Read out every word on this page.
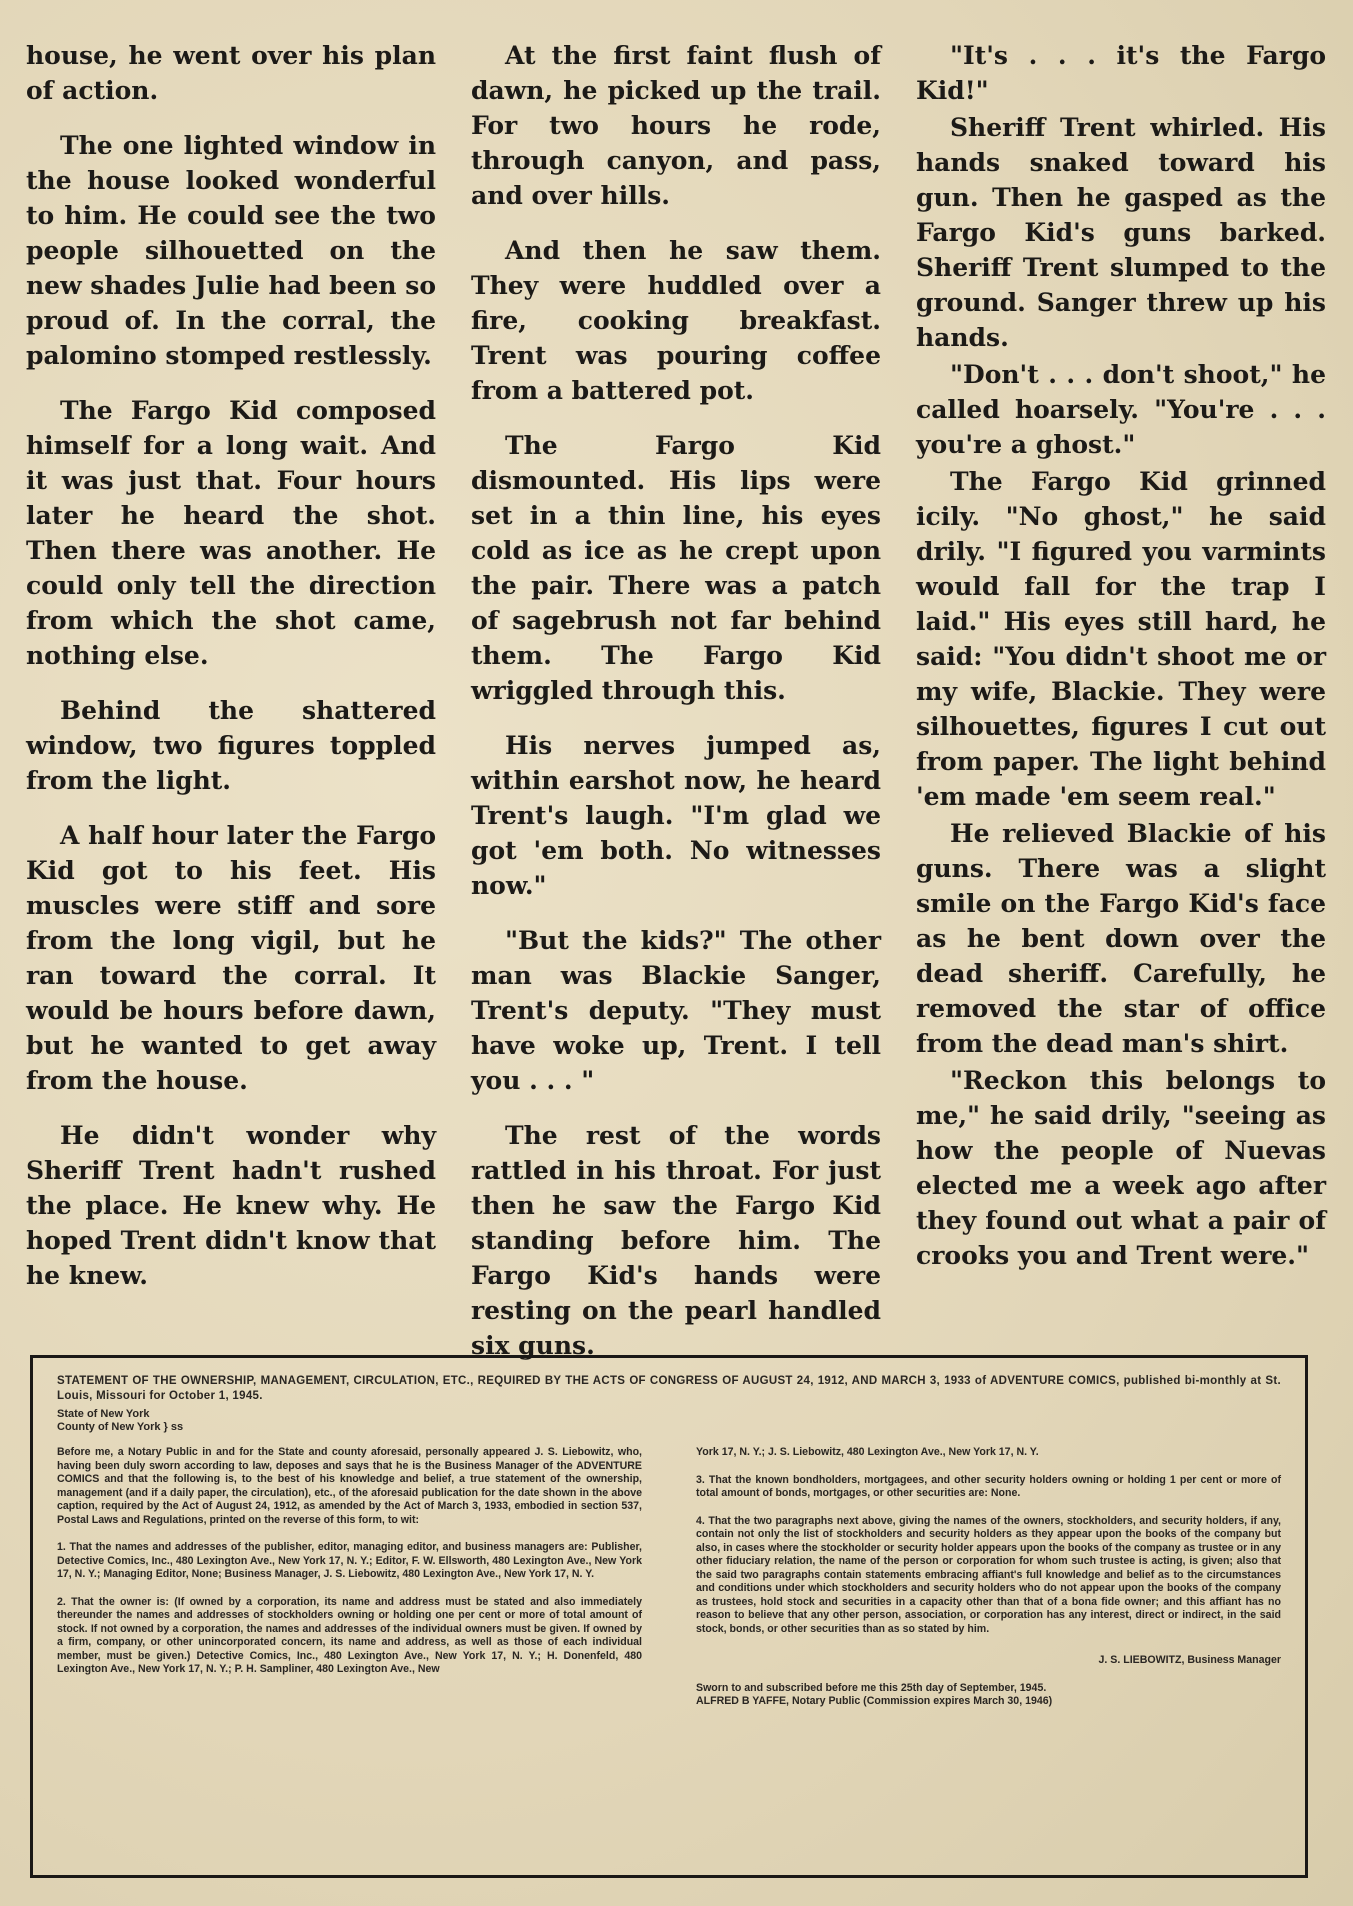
house, he went over his plan of action.

The one lighted window in the house looked wonderful to him. He could see the two people silhouetted on the new shades Julie had been so proud of. In the corral, the palomino stomped restlessly.

The Fargo Kid composed himself for a long wait. And it was just that. Four hours later he heard the shot. Then there was another. He could only tell the direction from which the shot came, nothing else.

Behind the shattered window, two figures toppled from the light.

A half hour later the Fargo Kid got to his feet. His muscles were stiff and sore from the long vigil, but he ran toward the corral. It would be hours before dawn, but he wanted to get away from the house.

He didn't wonder why Sheriff Trent hadn't rushed the place. He knew why. He hoped Trent didn't know that he knew.

At the first faint flush of dawn, he picked up the trail. For two hours he rode, through canyon, and pass, and over hills.

And then he saw them. They were huddled over a fire, cooking breakfast. Trent was pouring coffee from a battered pot.

The Fargo Kid dismounted. His lips were set in a thin line, his eyes cold as ice as he crept upon the pair. There was a patch of sagebrush not far behind them. The Fargo Kid wriggled through this.

His nerves jumped as, within earshot now, he heard Trent's laugh. "I'm glad we got 'em both. No witnesses now."

"But the kids?" The other man was Blackie Sanger, Trent's deputy. "They must have woke up, Trent. I tell you . . . "

The rest of the words rattled in his throat. For just then he saw the Fargo Kid standing before him. The Fargo Kid's hands were resting on the pearl handled six guns.

"It's . . . it's the Fargo Kid!"

Sheriff Trent whirled. His hands snaked toward his gun. Then he gasped as the Fargo Kid's guns barked. Sheriff Trent slumped to the ground. Sanger threw up his hands.

"Don't . . . don't shoot," he called hoarsely. "You're . . . you're a ghost."

The Fargo Kid grinned icily. "No ghost," he said drily. "I figured you varmints would fall for the trap I laid." His eyes still hard, he said: "You didn't shoot me or my wife, Blackie. They were silhouettes, figures I cut out from paper. The light behind 'em made 'em seem real."

He relieved Blackie of his guns. There was a slight smile on the Fargo Kid's face as he bent down over the dead sheriff. Carefully, he removed the star of office from the dead man's shirt.

"Reckon this belongs to me," he said drily, "seeing as how the people of Nuevas elected me a week ago after they found out what a pair of crooks you and Trent were."

STATEMENT OF THE OWNERSHIP, MANAGEMENT, CIRCULATION, ETC., REQUIRED BY THE ACTS OF CONGRESS OF AUGUST 24, 1912, AND MARCH 3, 1933 of ADVENTURE COMICS, published bi-monthly at St. Louis, Missouri for October 1, 1945.

State of New York
County of New York } ss

Before me, a Notary Public in and for the State and county aforesaid, personally appeared J. S. Liebowitz, who, having been duly sworn according to law, deposes and says that he is the Business Manager of the ADVENTURE COMICS and that the following is, to the best of his knowledge and belief, a true statement of the ownership, management (and if a daily paper, the circulation), etc., of the aforesaid publication for the date shown in the above caption, required by the Act of August 24, 1912, as amended by the Act of March 3, 1933, embodied in section 537, Postal Laws and Regulations, printed on the reverse of this form, to wit:

1. That the names and addresses of the publisher, editor, managing editor, and business managers are: Publisher, Detective Comics, Inc., 480 Lexington Ave., New York 17, N. Y.; Editor, F. W. Ellsworth, 480 Lexington Ave., New York 17, N. Y.; Managing Editor, None; Business Manager, J. S. Liebowitz, 480 Lexington Ave., New York 17, N. Y.

2. That the owner is: (If owned by a corporation, its name and address must be stated and also immediately thereunder the names and addresses of stockholders owning or holding one per cent or more of total amount of stock. If not owned by a corporation, the names and addresses of the individual owners must be given. If owned by a firm, company, or other unincorporated concern, its name and address, as well as those of each individual member, must be given.) Detective Comics, Inc., 480 Lexington Ave., New York 17, N. Y.; H. Donenfeld, 480 Lexington Ave., New York 17, N. Y.; P. H. Sampliner, 480 Lexington Ave., New

York 17, N. Y.; J. S. Liebowitz, 480 Lexington Ave., New York 17, N. Y.

3. That the known bondholders, mortgagees, and other security holders owning or holding 1 per cent or more of total amount of bonds, mortgages, or other securities are: None.

4. That the two paragraphs next above, giving the names of the owners, stockholders, and security holders, if any, contain not only the list of stockholders and security holders as they appear upon the books of the company but also, in cases where the stockholder or security holder appears upon the books of the company as trustee or in any other fiduciary relation, the name of the person or corporation for whom such trustee is acting, is given; also that the said two paragraphs contain statements embracing affiant's full knowledge and belief as to the circumstances and conditions under which stockholders and security holders who do not appear upon the books of the company as trustees, hold stock and securities in a capacity other than that of a bona fide owner; and this affiant has no reason to believe that any other person, association, or corporation has any interest, direct or indirect, in the said stock, bonds, or other securities than as so stated by him.

J. S. LIEBOWITZ, Business Manager

Sworn to and subscribed before me this 25th day of September, 1945.
ALFRED B YAFFE, Notary Public (Commission expires March 30, 1946)
